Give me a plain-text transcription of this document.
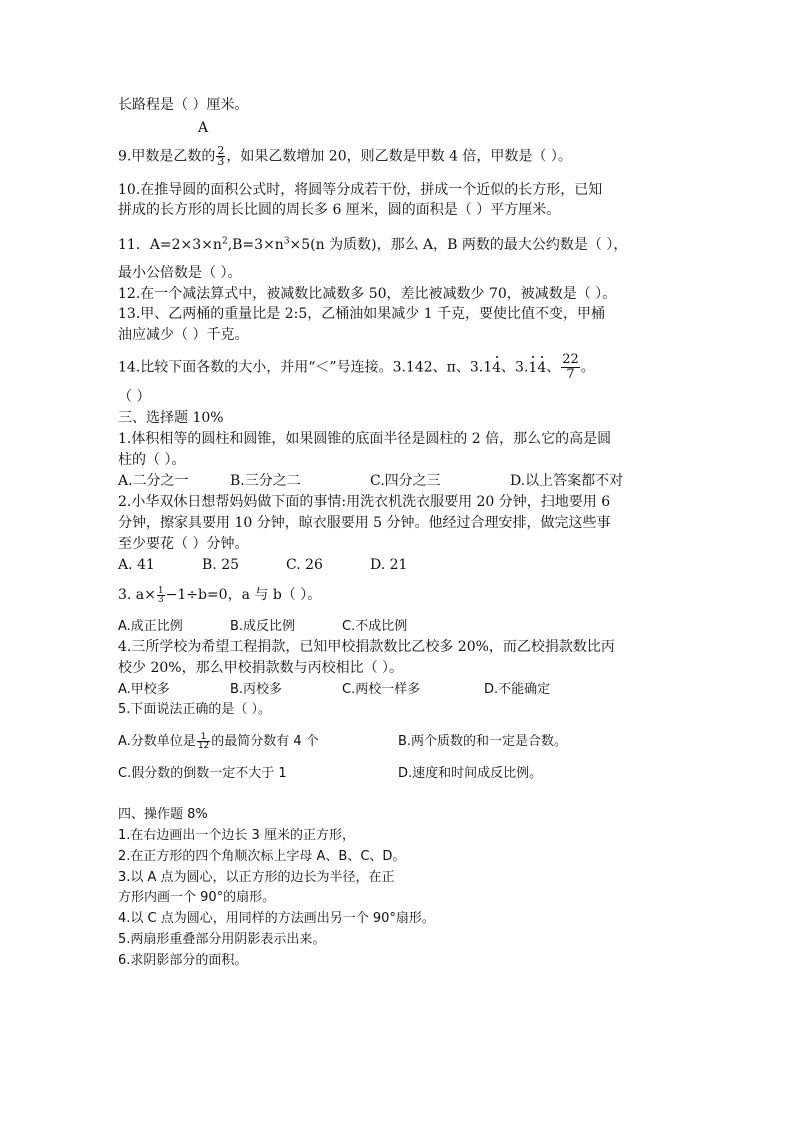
长路程是（ ）厘米。
A
9.甲数是乙数的 $\frac{2}{3}$ ，如果乙数增加 20，则乙数是甲数 4 倍，甲数是（ ）。
10.在推导圆的面积公式时，将圆等分成若干份，拼成一个近似的长方形，已知
拼成的长方形的周长比圆的周长多 6 厘米，圆的面积是（ ）平方厘米。
11．$A=2\times 3\times n^2,B=3\times n^3\times 5(n$ 为质数)，那么 A，B 两数的最大公约数是（ ），
最小公倍数是（ ）。
12.在一个减法算式中，被减数比减数多 50，差比被减数少 70，被减数是（ ）。
13.甲、乙两桶的重量比是 2:5，乙桶油如果减少 1 千克，要使比值不变，甲桶
油应减少（ ）千克。
14.比较下面各数的大小，并用“＜”号连接。3.142、π、3.14、3.14、 $\frac{22}{7}$ 。
（ ）
三、选择题 10%
1.体积相等的圆柱和圆锥，如果圆锥的底面半径是圆柱的 2 倍，那么它的高是圆
柱的（ ）。
A.二分之一	B.三分之二	C.四分之三	D.以上答案都不对
2.小华双休日想帮妈妈做下面的事情:用洗衣机洗衣服要用 20 分钟，扫地要用 6
分钟，擦家具要用 10 分钟，晾衣服要用 5 分钟。他经过合理安排，做完这些事
至少要花（ ）分钟。
A. 41	B. 25	C. 26	D. 21
3. $a\times \frac{1}{3} -1\div b=0$，a 与 b（ ）。
A.成正比例	B.成反比例	C.不成比例
4.三所学校为希望工程捐款，已知甲校捐款数比乙校多 20%，而乙校捐款数比丙
校少 20%，那么甲校捐款数与丙校相比（ ）。
A.甲校多	B.丙校多	C.两校一样多	D.不能确定
5.下面说法正确的是（ ）。
A.分数单位是 $\frac{1}{12}$ 的最简分数有 4 个	B.两个质数的和一定是合数。
C.假分数的倒数一定不大于 1	D.速度和时间成反比例。
四、操作题 8%
1.在右边画出一个边长 3 厘米的正方形，
2.在正方形的四个角顺次标上字母 A、B、C、D。
3.以 A 点为圆心，以正方形的边长为半径，在正
方形内画一个 90°的扇形。
4.以 C 点为圆心，用同样的方法画出另一个 90°扇形。
5.两扇形重叠部分用阴影表示出来。
6.求阴影部分的面积。
